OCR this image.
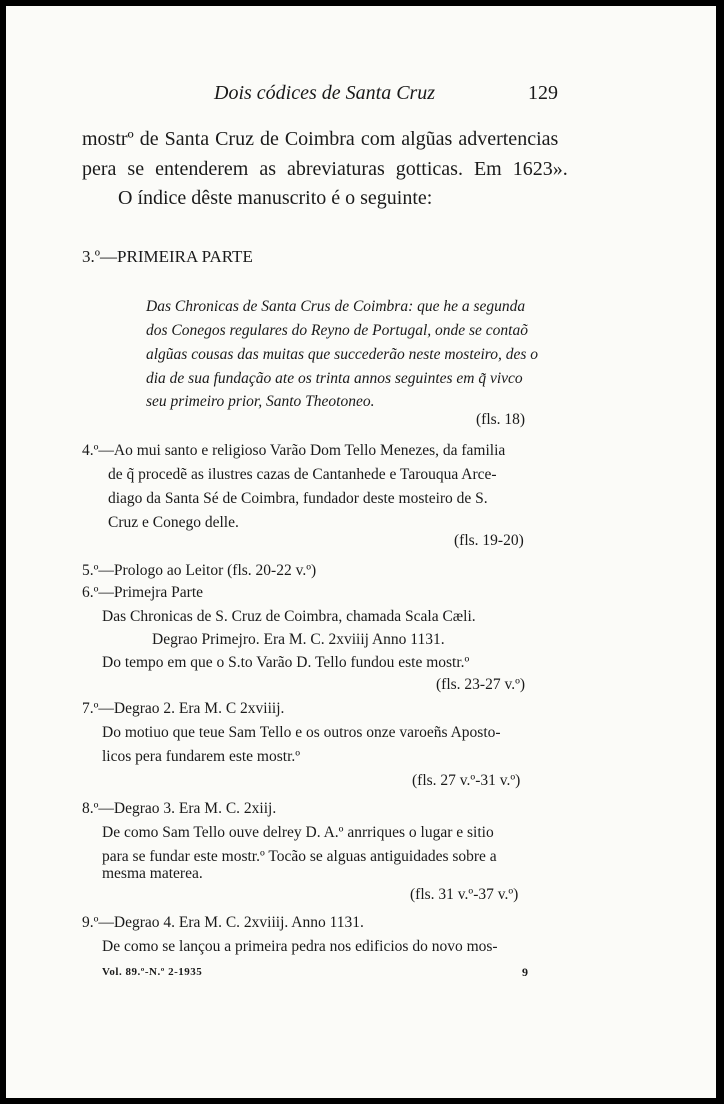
Dois códices de Santa Cruz	129
mostrº de Santa Cruz de Coimbra com algũas advertencias
pera se entenderem as abreviaturas gotticas. Em 1623».
O índice dêste manuscrito é o seguinte:
3.º—PRIMEIRA PARTE
Das Chronicas de Santa Crus de Coimbra: que he a segunda
dos Conegos regulares do Reyno de Portugal, onde se contaõ
algũas cousas das muitas que succederão neste mosteiro, des o
dia de sua fundação ate os trinta annos seguintes em q̃ vivco
seu primeiro prior, Santo Theotoneo.
(fls. 18)
4.º—Ao mui santo e religioso Varão Dom Tello Menezes, da familia
de q̃ procedẽ as ilustres cazas de Cantanhede e Tarouqua Arce-
diago da Santa Sé de Coimbra, fundador deste mosteiro de S.
Cruz e Conego delle.
(fls. 19-20)
5.º—Prologo ao Leitor (fls. 20-22 v.º)
6.º—Primejra Parte
Das Chronicas de S. Cruz de Coimbra, chamada Scala Cæli.
Degrao Primejro. Era M. C. 2xviiij Anno 1131.
Do tempo em que o S.to Varão D. Tello fundou este mostr.º
(fls. 23-27 v.º)
7.º—Degrao 2. Era M. C 2xviiij.
Do motiuo que teue Sam Tello e os outros onze varoeñs Aposto-
licos pera fundarem este mostr.º
(fls. 27 v.º-31 v.º)
8.º—Degrao 3. Era M. C. 2xiij.
De como Sam Tello ouve delrey D. A.º anrriques o lugar e sitio
para se fundar este mostr.º Tocão se alguas antiguidades sobre a
mesma materea.
(fls. 31 v.º-37 v.º)
9.º—Degrao 4. Era M. C. 2xviiij. Anno 1131.
De como se lançou a primeira pedra nos edificios do novo mos-
Vol. 89.º-N.º 2-1935	9
